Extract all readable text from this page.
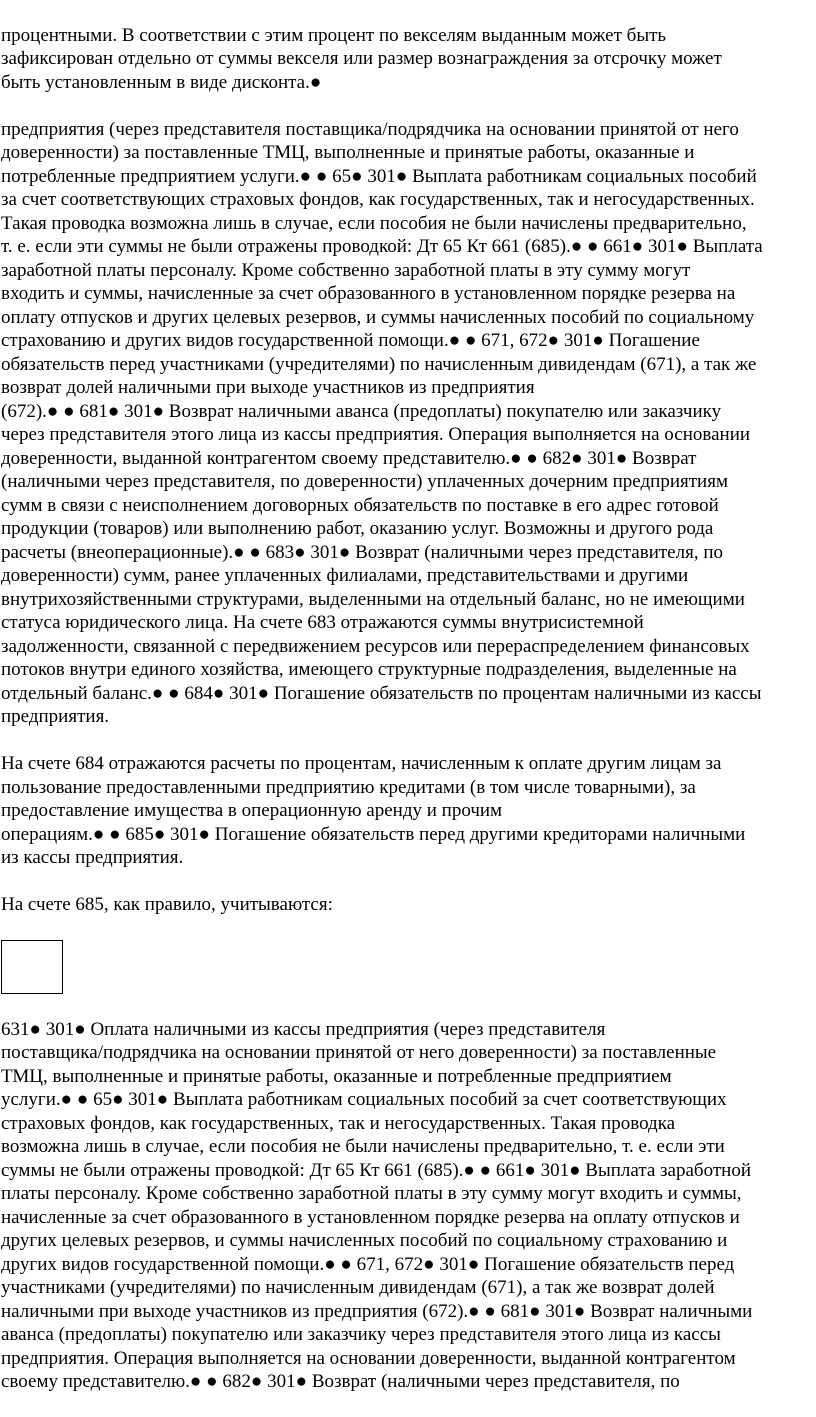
процентными. В соответствии с этим процент по векселям выданным может быть
зафиксирован отдельно от суммы векселя или размер вознаграждения за отсрочку может
быть установленным в виде дисконта.●

предприятия (через представителя поставщика/подрядчика на основании принятой от него
доверенности) за поставленные ТМЦ, выполненные и принятые работы, оказанные и
потребленные предприятием услуги.● ● 65● 301● Выплата работникам социальных пособий
за счет соответствующих страховых фондов, как государственных, так и негосударственных.
Такая проводка возможна лишь в случае, если пособия не были начислены предварительно,
т. е. если эти суммы не были отражены проводкой: Дт 65 Кт 661 (685).● ● 661● 301● Выплата
заработной платы персоналу. Кроме собственно заработной платы в эту сумму могут
входить и суммы, начисленные за счет образованного в установленном порядке резерва на
оплату отпусков и других целевых резервов, и суммы начисленных пособий по социальному
страхованию и других видов государственной помощи.● ● 671, 672● 301● Погашение
обязательств перед участниками (учредителями) по начисленным дивидендам (671), а так же
возврат долей наличными при выходе участников из предприятия
(672).● ● 681● 301● Возврат наличными аванса (предоплаты) покупателю или заказчику
через представителя этого лица из кассы предприятия. Операция выполняется на основании
доверенности, выданной контрагентом своему представителю.● ● 682● 301● Возврат
(наличными через представителя, по доверенности) уплаченных дочерним предприятиям
сумм в связи с неисполнением договорных обязательств по поставке в его адрес готовой
продукции (товаров) или выполнению работ, оказанию услуг. Возможны и другого рода
расчеты (внеоперационные).● ● 683● 301● Возврат (наличными через представителя, по
доверенности) сумм, ранее уплаченных филиалами, представительствами и другими
внутрихозяйственными структурами, выделенными на отдельный баланс, но не имеющими
статуса юридического лица. На счете 683 отражаются суммы внутрисистемной
задолженности, связанной с передвижением ресурсов или перераспределением финансовых
потоков внутри единого хозяйства, имеющего структурные подразделения, выделенные на
отдельный баланс.● ● 684● 301● Погашение обязательств по процентам наличными из кассы
предприятия.

На счете 684 отражаются расчеты по процентам, начисленным к оплате другим лицам за
пользование предоставленными предприятию кредитами (в том числе товарными), за
предоставление имущества в операционную аренду и прочим
операциям.● ● 685● 301● Погашение обязательств перед другими кредиторами наличными
из кассы предприятия.

На счете 685, как правило, учитываются:

631● 301● Оплата наличными из кассы предприятия (через представителя
поставщика/подрядчика на основании принятой от него доверенности) за поставленные
ТМЦ, выполненные и принятые работы, оказанные и потребленные предприятием
услуги.● ● 65● 301● Выплата работникам социальных пособий за счет соответствующих
страховых фондов, как государственных, так и негосударственных. Такая проводка
возможна лишь в случае, если пособия не были начислены предварительно, т. е. если эти
суммы не были отражены проводкой: Дт 65 Кт 661 (685).● ● 661● 301● Выплата заработной
платы персоналу. Кроме собственно заработной платы в эту сумму могут входить и суммы,
начисленные за счет образованного в установленном порядке резерва на оплату отпусков и
других целевых резервов, и суммы начисленных пособий по социальному страхованию и
других видов государственной помощи.● ● 671, 672● 301● Погашение обязательств перед
участниками (учредителями) по начисленным дивидендам (671), а так же возврат долей
наличными при выходе участников из предприятия (672).● ● 681● 301● Возврат наличными
аванса (предоплаты) покупателю или заказчику через представителя этого лица из кассы
предприятия. Операция выполняется на основании доверенности, выданной контрагентом
своему представителю.● ● 682● 301● Возврат (наличными через представителя, по
